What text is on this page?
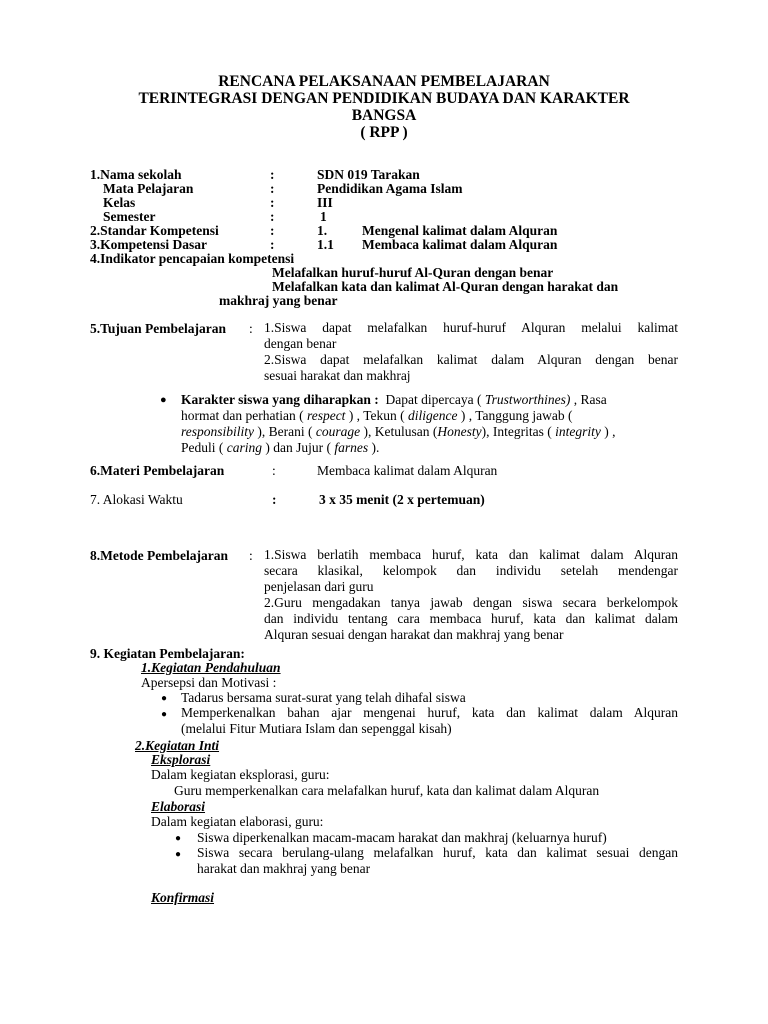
RENCANA PELAKSANAAN PEMBELAJARAN
TERINTEGRASI DENGAN PENDIDIKAN BUDAYA DAN KARAKTER
BANGSA
( RPP )
1.Nama sekolah	:	SDN 019 Tarakan
Mata Pelajaran	:	Pendidikan Agama Islam
Kelas	:	III
Semester	:	1
2.Standar Kompetensi	:	1.	Mengenal kalimat dalam Alquran
3.Kompetensi Dasar	:	1.1 Membaca kalimat dalam Alquran
4.Indikator pencapaian kompetensi
Melafalkan huruf-huruf Al-Quran dengan benar
Melafalkan kata dan kalimat Al-Quran dengan harakat dan
makhraj yang benar
5.Tujuan Pembelajaran : 1.Siswa dapat melafalkan huruf-huruf Alquran melalui kalimat
dengan benar
2.Siswa dapat melafalkan kalimat dalam Alquran dengan benar
sesuai harakat dan makhraj
● Karakter siswa yang diharapkan : Dapat dipercaya ( Trustworthines) , Rasa
hormat dan perhatian ( respect ) , Tekun ( diligence ) , Tanggung jawab (
responsibility ), Berani ( courage ), Ketulusan (Honesty), Integritas ( integrity ) ,
Peduli ( caring ) dan Jujur ( farnes ).
6.Materi Pembelajaran	:	Membaca kalimat dalam Alquran
7. Alokasi Waktu	:	3 x 35 menit (2 x pertemuan)
8.Metode Pembelajaran : 1.Siswa berlatih membaca huruf, kata dan kalimat dalam Alquran
secara klasikal, kelompok dan individu setelah mendengar
penjelasan dari guru
2.Guru mengadakan tanya jawab dengan siswa secara berkelompok
dan individu tentang cara membaca huruf, kata dan kalimat dalam
Alquran sesuai dengan harakat dan makhraj yang benar
9. Kegiatan Pembelajaran:
1.Kegiatan Pendahuluan
Apersepsi dan Motivasi :
● Tadarus bersama surat-surat yang telah dihafal siswa
● Memperkenalkan bahan ajar mengenai huruf, kata dan kalimat dalam Alquran
(melalui Fitur Mutiara Islam dan sepenggal kisah)
2.Kegiatan Inti
Eksplorasi
Dalam kegiatan eksplorasi, guru:
Guru memperkenalkan cara melafalkan huruf, kata dan kalimat dalam Alquran
Elaborasi
Dalam kegiatan elaborasi, guru:
● Siswa diperkenalkan macam-macam harakat dan makhraj (keluarnya huruf)
● Siswa secara berulang-ulang melafalkan huruf, kata dan kalimat sesuai dengan
harakat dan makhraj yang benar
Konfirmasi
